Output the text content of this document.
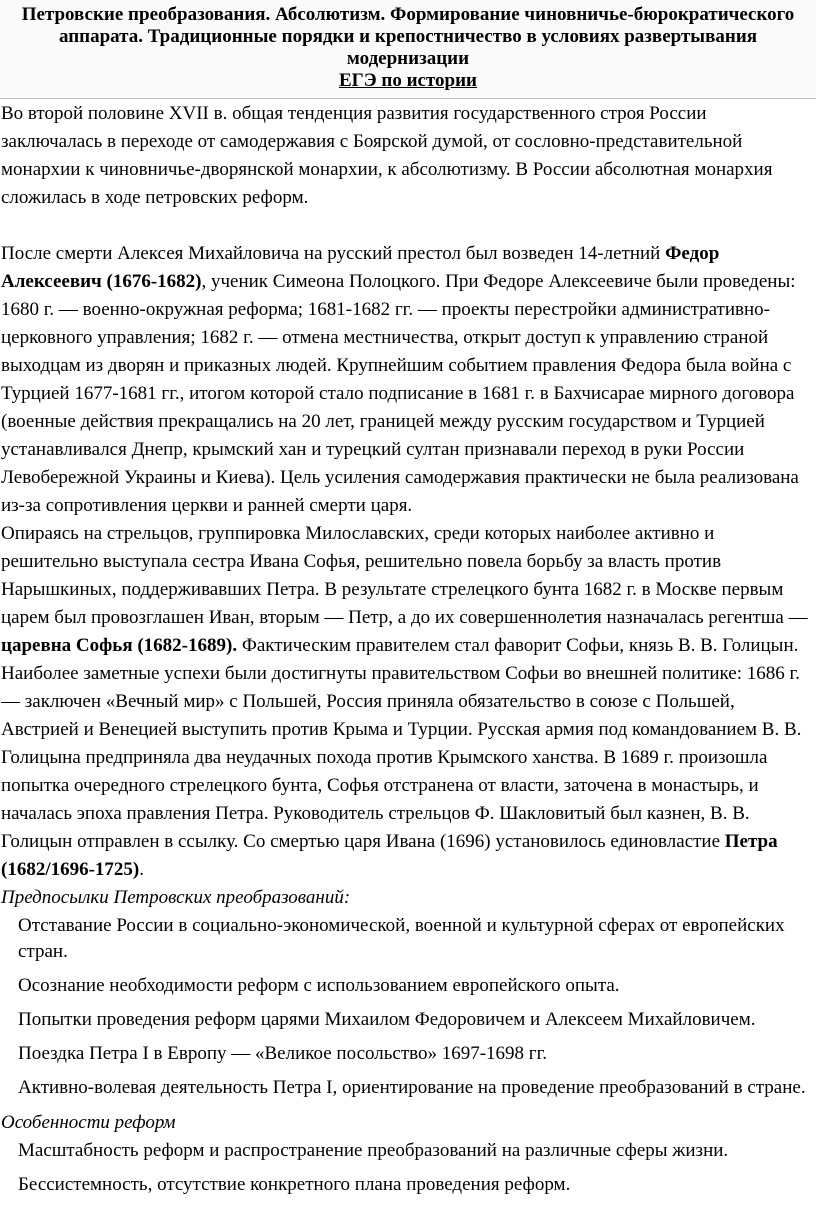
Петровские преобразования. Абсолютизм. Формирование чиновничье-бюрократического аппарата. Традиционные порядки и крепостничество в условиях развертывания модернизации
ЕГЭ по истории

Во второй половине XVII в. общая тенденция развития государственного строя России заключалась в переходе от самодержавия с Боярской думой, от сословно-представительной монархии к чиновничье-дворянской монархии, к абсолютизму. В России абсолютная монархия сложилась в ходе петровских реформ.

После смерти Алексея Михайловича на русский престол был возведен 14-летний Федор Алексеевич (1676-1682), ученик Симеона Полоцкого. При Федоре Алексеевиче были проведены: 1680 г. — военно-окружная реформа; 1681-1682 гг. — проекты перестройки административно-церковного управления; 1682 г. — отмена местничества, открыт доступ к управлению страной выходцам из дворян и приказных людей. Крупнейшим событием правления Федора была война с Турцией 1677-1681 гг., итогом которой стало подписание в 1681 г. в Бахчисарае мирного договора (военные действия прекращались на 20 лет, границей между русским государством и Турцией устанавливался Днепр, крымский хан и турецкий султан признавали переход в руки России Левобережной Украины и Киева). Цель усиления самодержавия практически не была реализована из-за сопротивления церкви и ранней смерти царя.

Опираясь на стрельцов, группировка Милославских, среди которых наиболее активно и решительно выступала сестра Ивана Софья, решительно повела борьбу за власть против Нарышкиных, поддерживавших Петра. В результате стрелецкого бунта 1682 г. в Москве первым царем был провозглашен Иван, вторым — Петр, а до их совершеннолетия назначалась регентша — царевна Софья (1682-1689). Фактическим правителем стал фаворит Софьи, князь В. В. Голицын. Наиболее заметные успехи были достигнуты правительством Софьи во внешней политике: 1686 г. — заключен «Вечный мир» с Польшей, Россия приняла обязательство в союзе с Польшей, Австрией и Венецией выступить против Крыма и Турции. Русская армия под командованием В. В. Голицына предприняла два неудачных похода против Крымского ханства. В 1689 г. произошла попытка очередного стрелецкого бунта, Софья отстранена от власти, заточена в монастырь, и началась эпоха правления Петра. Руководитель стрельцов Ф. Шакловитый был казнен, В. В. Голицын отправлен в ссылку. Со смертью царя Ивана (1696) установилось единовластие Петра (1682/1696-1725).

Предпосылки Петровских преобразований:
Отставание России в социально-экономической, военной и культурной сферах от европейских стран.
Осознание необходимости реформ с использованием европейского опыта.
Попытки проведения реформ царями Михаилом Федоровичем и Алексеем Михайловичем.
Поездка Петра I в Европу — «Великое посольство» 1697-1698 гг.
Активно-волевая деятельность Петра I, ориентирование на проведение преобразований в стране.
Особенности реформ
Масштабность реформ и распространение преобразований на различные сферы жизни.
Бессистемность, отсутствие конкретного плана проведения реформ.
